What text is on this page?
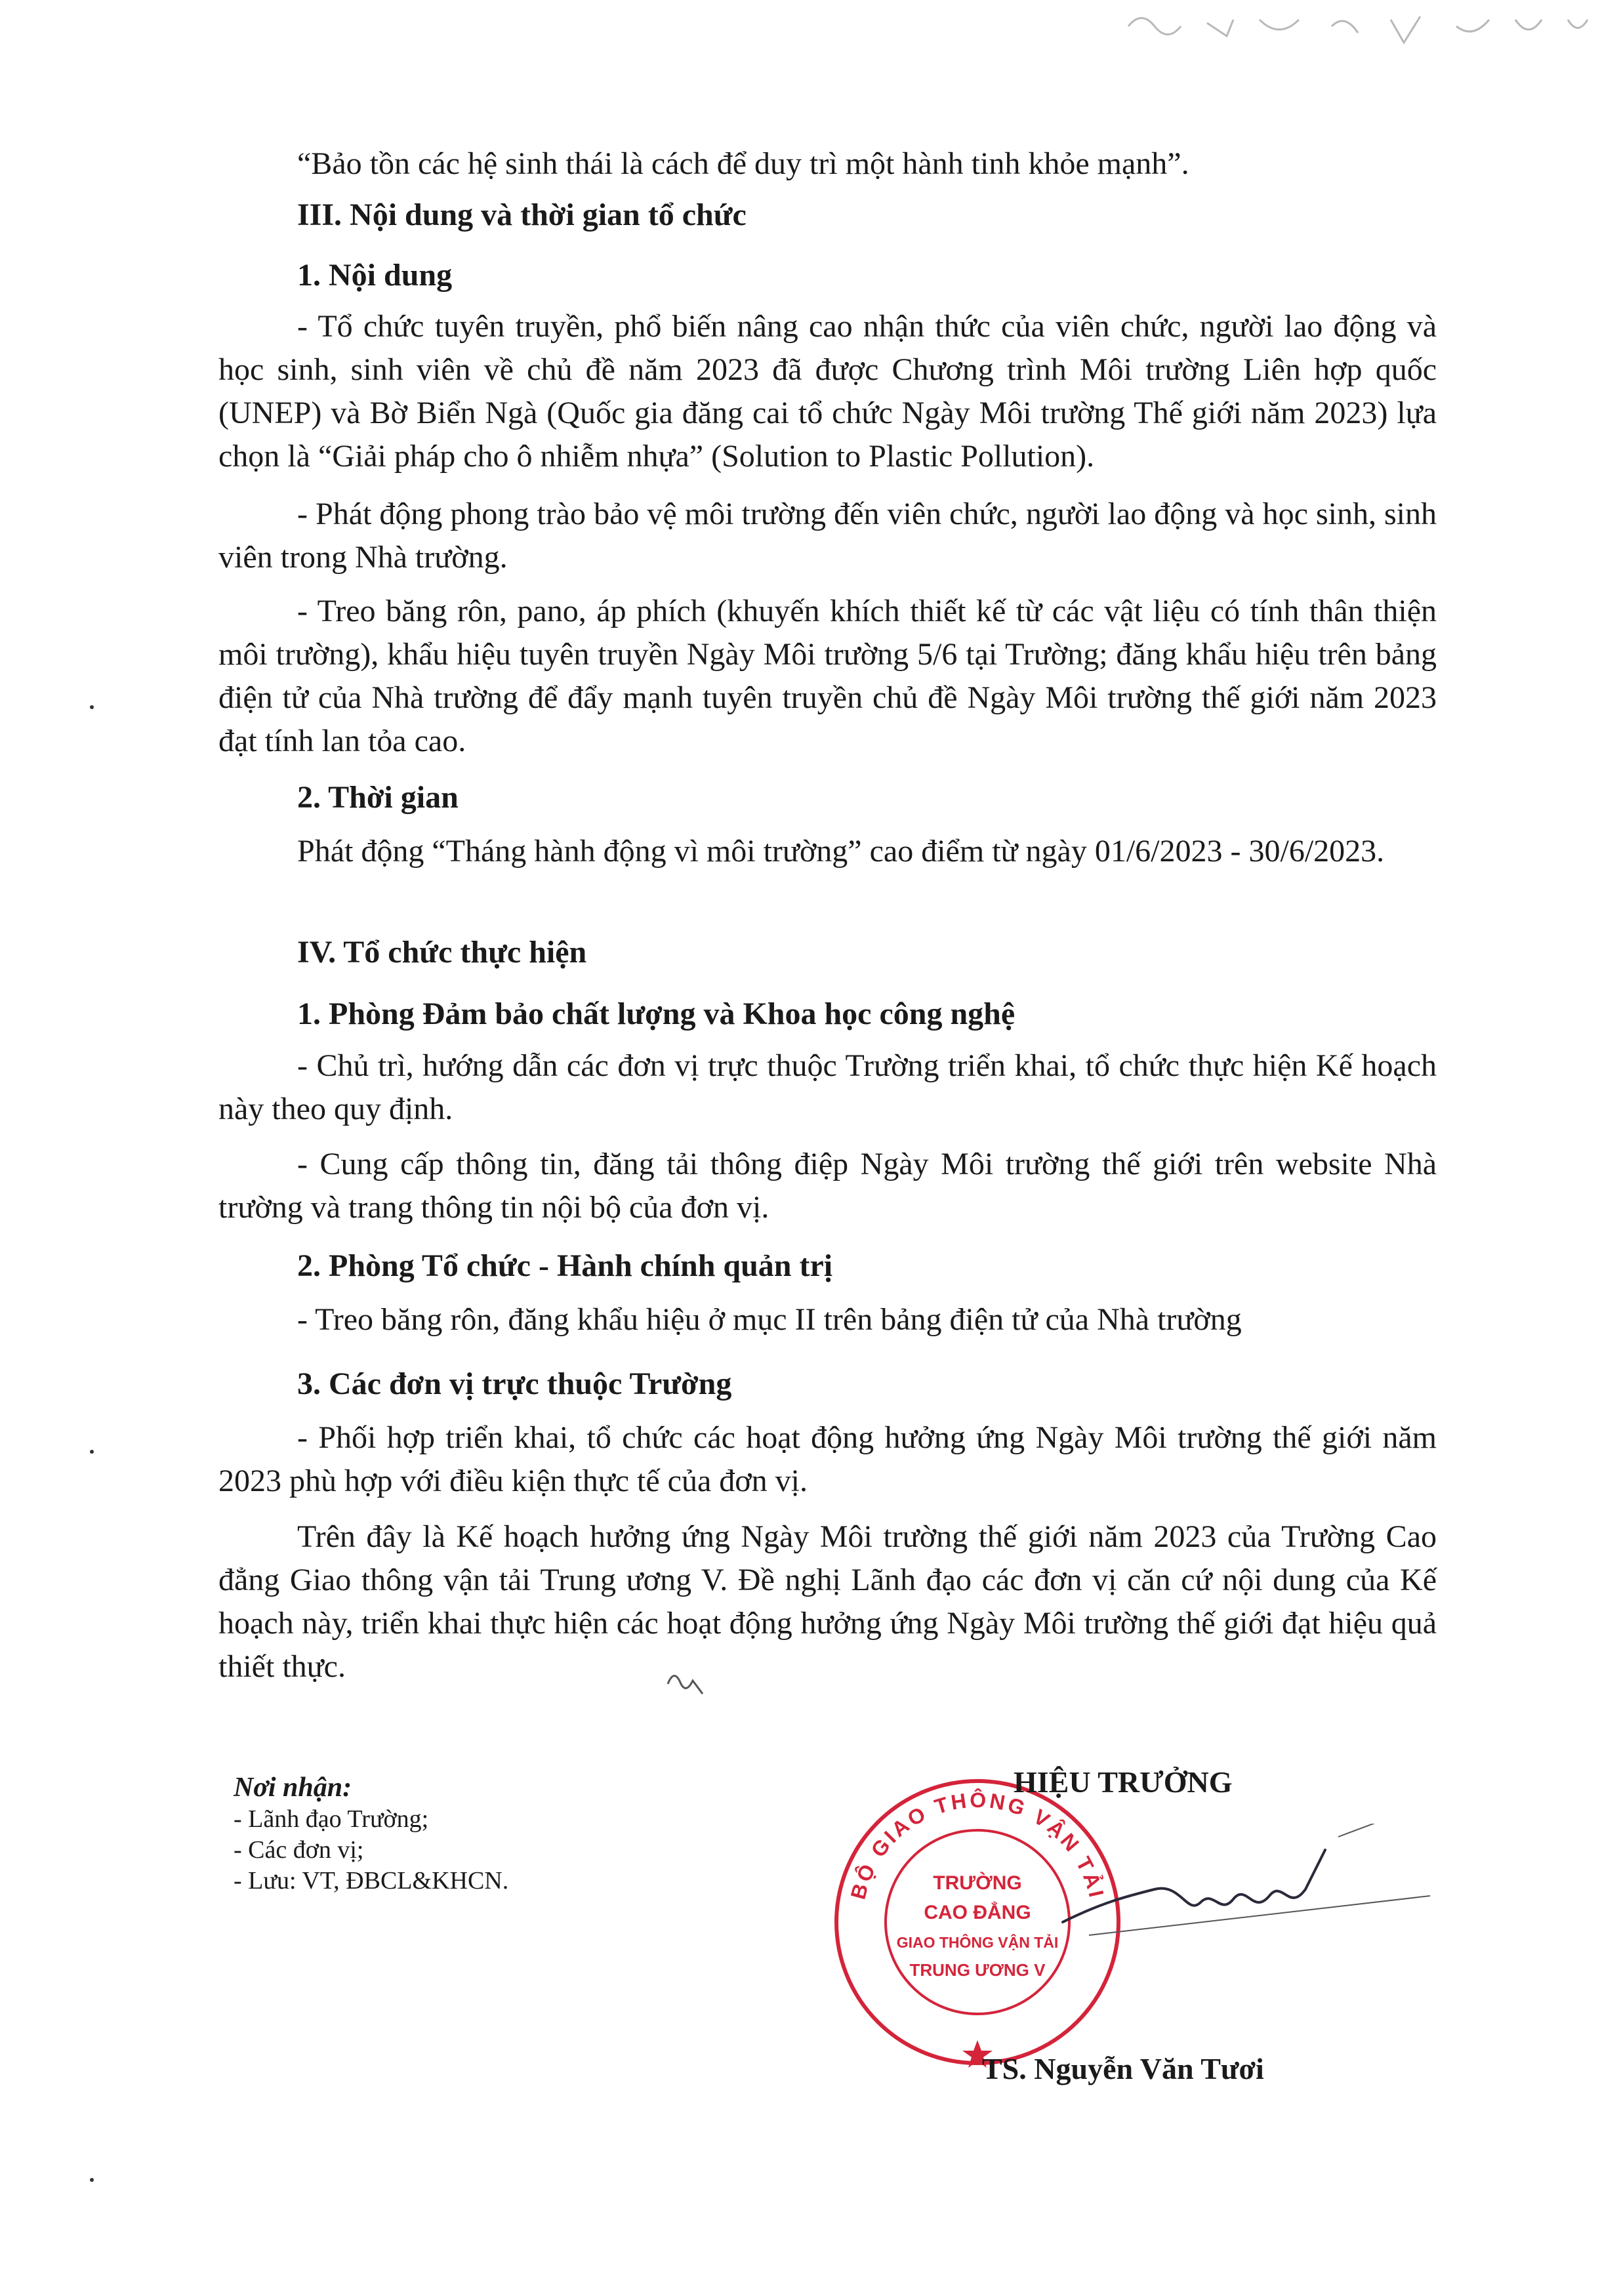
“Bảo tồn các hệ sinh thái là cách để duy trì một hành tinh khỏe mạnh”.
III. Nội dung và thời gian tổ chức
1. Nội dung
- Tổ chức tuyên truyền, phổ biến nâng cao nhận thức của viên chức, người lao động và học sinh, sinh viên về chủ đề năm 2023 đã được Chương trình Môi trường Liên hợp quốc (UNEP) và Bờ Biển Ngà (Quốc gia đăng cai tổ chức Ngày Môi trường Thế giới năm 2023) lựa chọn là “Giải pháp cho ô nhiễm nhựa” (Solution to Plastic Pollution).
- Phát động phong trào bảo vệ môi trường đến viên chức, người lao động và học sinh, sinh viên trong Nhà trường.
- Treo băng rôn, pano, áp phích (khuyến khích thiết kế từ các vật liệu có tính thân thiện môi trường), khẩu hiệu tuyên truyền Ngày Môi trường 5/6 tại Trường; đăng khẩu hiệu trên bảng điện tử của Nhà trường để đẩy mạnh tuyên truyền chủ đề Ngày Môi trường thế giới năm 2023 đạt tính lan tỏa cao.
2. Thời gian
Phát động “Tháng hành động vì môi trường” cao điểm từ ngày 01/6/2023 - 30/6/2023.
IV. Tổ chức thực hiện
1. Phòng Đảm bảo chất lượng và Khoa học công nghệ
- Chủ trì, hướng dẫn các đơn vị trực thuộc Trường triển khai, tổ chức thực hiện Kế hoạch này theo quy định.
- Cung cấp thông tin, đăng tải thông điệp Ngày Môi trường thế giới trên website Nhà trường và trang thông tin nội bộ của đơn vị.
2. Phòng Tổ chức - Hành chính quản trị
- Treo băng rôn, đăng khẩu hiệu ở mục II trên bảng điện tử của Nhà trường
3. Các đơn vị trực thuộc Trường
- Phối hợp triển khai, tổ chức các hoạt động hưởng ứng Ngày Môi trường thế giới năm 2023 phù hợp với điều kiện thực tế của đơn vị.
Trên đây là Kế hoạch hưởng ứng Ngày Môi trường thế giới năm 2023 của Trường Cao đẳng Giao thông vận tải Trung ương V. Đề nghị Lãnh đạo các đơn vị căn cứ nội dung của Kế hoạch này, triển khai thực hiện các hoạt động hưởng ứng Ngày Môi trường thế giới đạt hiệu quả thiết thực.
Nơi nhận:
- Lãnh đạo Trường;
- Các đơn vị;
- Lưu: VT, ĐBCL&KHCN.	BỘ GIAO THÔNG VẬN TẢI
TRƯỜNG
CAO ĐẲNG
GIAO THÔNG VẬN TẢI
TRUNG ƯƠNG V
HIỆU TRƯỞNG
TS. Nguyễn Văn Tươi
